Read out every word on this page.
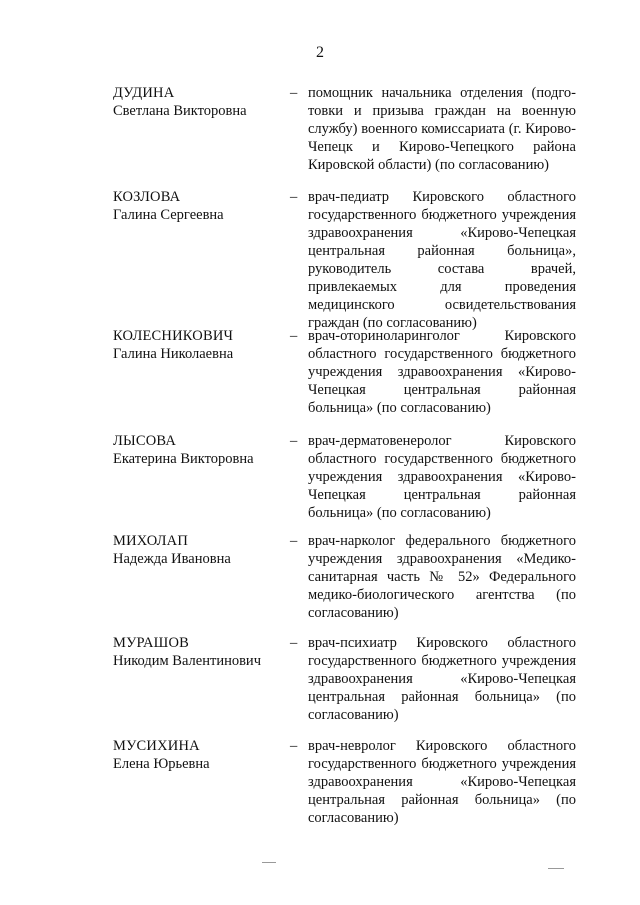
2
ДУДИНА
Светлана Викторовна
– помощник начальника отделения (подго-товки и призыва граждан на военную службу) военного комиссариата (г. Кирово-Чепецк и Кирово-Чепецкого района Кировской области) (по согласованию)
КОЗЛОВА
Галина Сергеевна
– врач-педиатр Кировского областного государственного бюджетного учреждения здравоохранения «Кирово-Чепецкая центральная районная больница», руководитель состава врачей, привлекаемых для проведения медицинского освидетельствования граждан (по согласованию)
КОЛЕСНИКОВИЧ
Галина Николаевна
– врач-оториноларинголог Кировского областного государственного бюджетного учреждения здравоохранения «Кирово-Чепецкая центральная районная больница» (по согласованию)
ЛЫСОВА
Екатерина Викторовна
– врач-дерматовенеролог Кировского областного государственного бюджетного учреждения здравоохранения «Кирово-Чепецкая центральная районная больница» (по согласованию)
МИХОЛАП
Надежда Ивановна
– врач-нарколог федерального бюджетного учреждения здравоохранения «Медико-санитарная часть № 52» Федерального медико-биологического агентства (по согласованию)
МУРАШОВ
Никодим Валентинович
– врач-психиатр Кировского областного государственного бюджетного учреждения здравоохранения «Кирово-Чепецкая центральная районная больница» (по согласованию)
МУСИХИНА
Елена Юрьевна
– врач-невролог Кировского областного государственного бюджетного учреждения здравоохранения «Кирово-Чепецкая центральная районная больница» (по согласованию)
